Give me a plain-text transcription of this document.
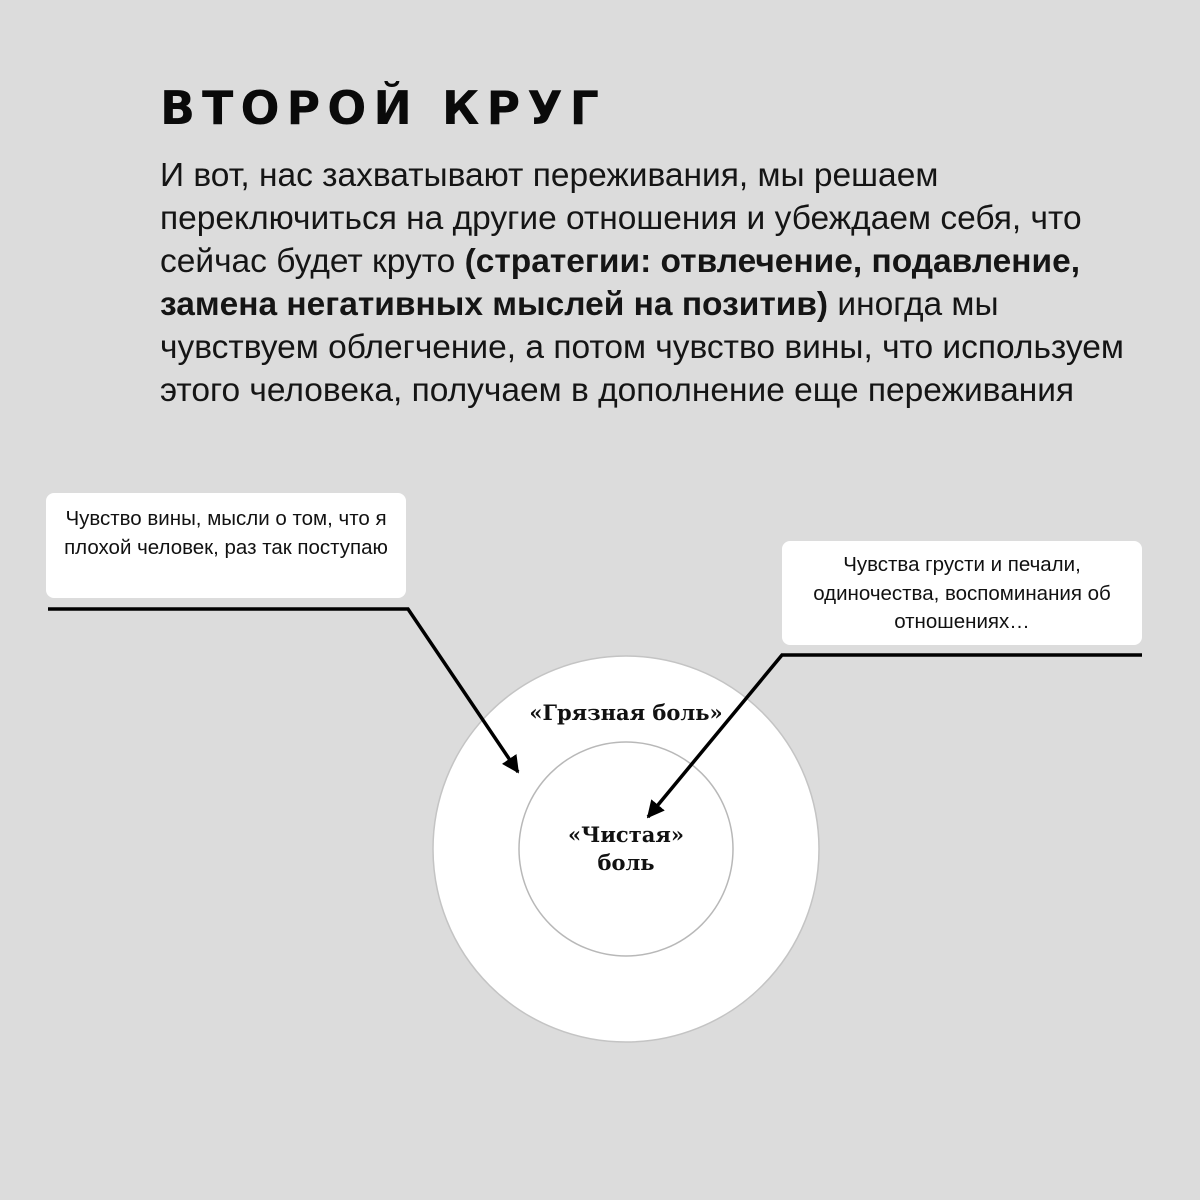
ВТОРОЙ КРУГ

И вот, нас захватывают переживания, мы решаем переключиться на другие отношения и убеждаем себя, что сейчас будет круто (стратегии: отвлечение, подавление, замена негативных мыслей на позитив) иногда мы чувствуем облегчение, а потом чувство вины, что используем этого человека, получаем в дополнение еще переживания

Чувство вины, мысли о том, что я плохой человек, раз так поступаю
Чувства грусти и печали, одиночества, воспоминания об отношениях…
«Грязная боль»
«Чистая»
боль
